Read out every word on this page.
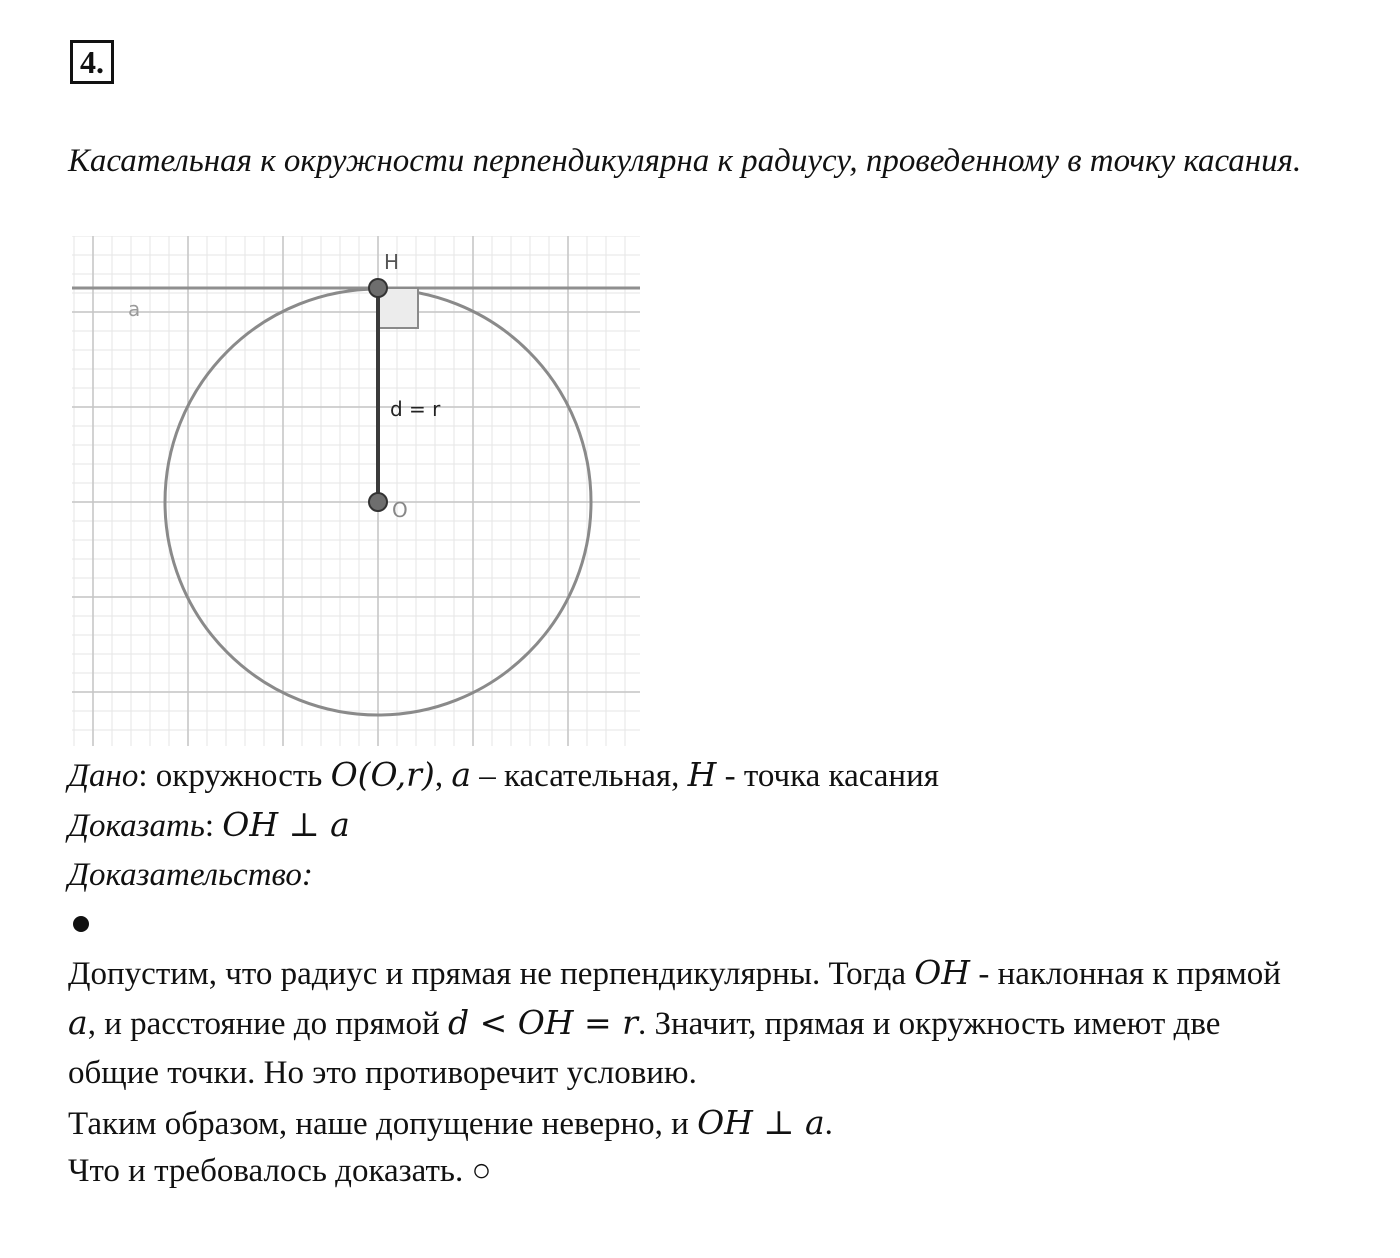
4.
Касательная к окружности перпендикулярна к радиусу, проведенному в точку касания.
a
H
O
d = r
Дано: окружность O(O,r), a – касательная, H - точка касания
Доказать: OH ⊥ a
Доказательство:
Допустим, что радиус и прямая не перпендикулярны. Тогда OH - наклонная к прямой
a, и расстояние до прямой d < OH = r. Значит, прямая и окружность имеют две
общие точки. Но это противоречит условию.
Таким образом, наше допущение неверно, и OH ⊥ a.
Что и требовалось доказать. ○
